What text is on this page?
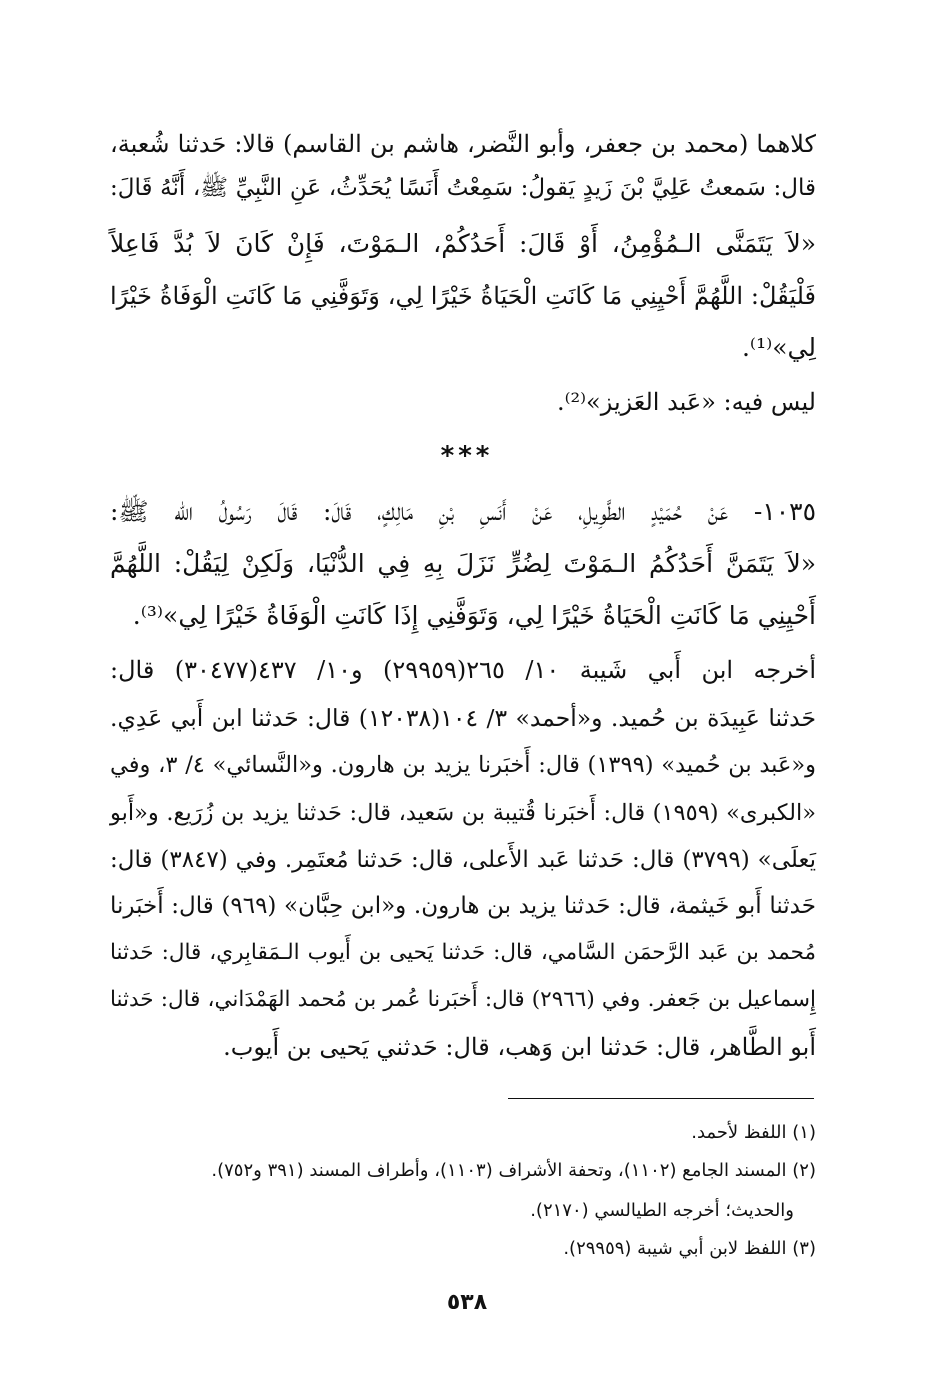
كلاهما (محمد بن جعفر، وأبو النَّضر، هاشم بن القاسم) قالا: حَدثنا شُعبة،
قال: سَمعتُ عَلِيَّ بْنَ زَيدٍ يَقولُ: سَمِعْتُ أَنَسًا يُحَدِّثُ، عَنِ النَّبِيِّ ﷺ، أَنَّهُ قَالَ:
«لاَ يَتَمَنَّى الـمُؤْمِنُ، أَوْ قَالَ: أَحَدُكُمْ، الـمَوْتَ، فَإِنْ كَانَ لاَ بُدَّ فَاعِلاً
فَلْيَقُلْ: اللَّهُمَّ أَحْيِنِي مَا كَانَتِ الْحَيَاةُ خَيْرًا لِي، وَتَوَفَّنِي مَا كَانَتِ الْوَفَاةُ خَيْرًا
لِي»⁽¹⁾.
ليس فيه: «عَبد العَزيز»⁽²⁾.
***
١٠٣٥- عَنْ حُمَيْدٍ الطَّوِيلِ، عَنْ أَنَسِ بْنِ مَالِكٍ، قَالَ: قَالَ رَسُولُ الله ﷺ:
«لاَ يَتَمَنَّ أَحَدُكُمُ الـمَوْتَ لِضُرٍّ نَزَلَ بِهِ فِي الدُّنْيَا، وَلَكِنْ لِيَقُلْ: اللَّهُمَّ
أَحْيِنِي مَا كَانَتِ الْحَيَاةُ خَيْرًا لِي، وَتَوَفَّنِي إِذَا كَانَتِ الْوَفَاةُ خَيْرًا لِي»⁽³⁾.
أخرجه ابن أَبي شَيبة ١٠/ ٢٦٥(٢٩٩٥٩) و١٠/ ٤٣٧(٣٠٤٧٧) قال:
حَدثنا عَبِيدَة بن حُميد. و«أحمد» ٣/ ١٠٤(١٢٠٣٨) قال: حَدثنا ابن أَبي عَدِي.
و«عَبد بن حُميد» (١٣٩٩) قال: أَخبَرنا يزيد بن هارون. و«النَّسائي» ٤/ ٣، وفي
«الكبرى» (١٩٥٩) قال: أَخبَرنا قُتيبة بن سَعيد، قال: حَدثنا يزيد بن زُرَيع. و«أَبو
يَعلَى» (٣٧٩٩) قال: حَدثنا عَبد الأَعلى، قال: حَدثنا مُعتَمِر. وفي (٣٨٤٧) قال:
حَدثنا أَبو خَيثمة، قال: حَدثنا يزيد بن هارون. و«ابن حِبَّان» (٩٦٩) قال: أَخبَرنا
مُحمد بن عَبد الرَّحمَن السَّامي، قال: حَدثنا يَحيى بن أَيوب الـمَقابِري، قال: حَدثنا
إِسماعيل بن جَعفر. وفي (٢٩٦٦) قال: أَخبَرنا عُمر بن مُحمد الهَمْدَاني، قال: حَدثنا
أَبو الطَّاهر، قال: حَدثنا ابن وَهب، قال: حَدثني يَحيى بن أَيوب.
(١) اللفظ لأحمد.
(٢) المسند الجامع (١١٠٢)، وتحفة الأشراف (١١٠٣)، وأطراف المسند (٣٩١ و٧٥٢).
والحديث؛ أخرجه الطيالسي (٢١٧٠).
(٣) اللفظ لابن أبي شيبة (٢٩٩٥٩).
٥٣٨
